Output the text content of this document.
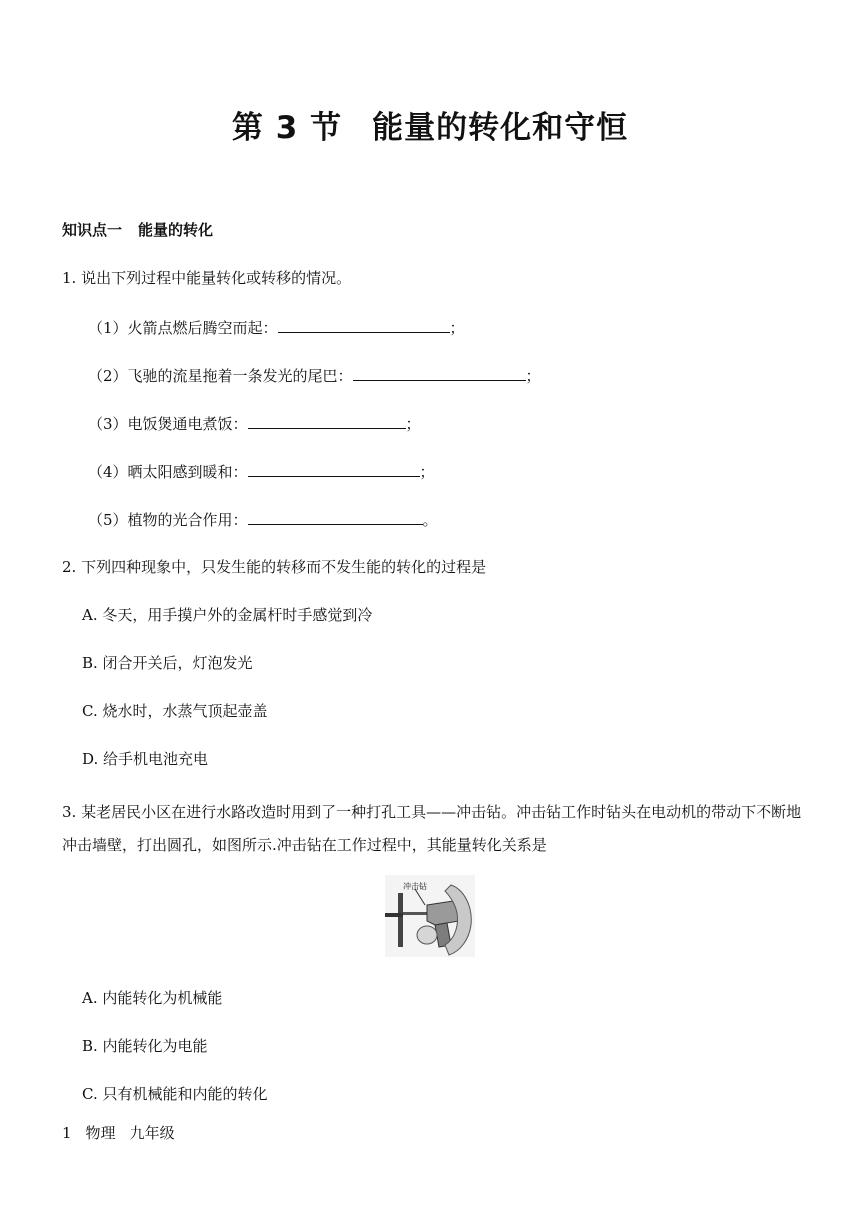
第 3 节 能量的转化和守恒
知识点一 能量的转化
1. 说出下列过程中能量转化或转移的情况。
（1）火箭点燃后腾空而起：	；
（2）飞驰的流星拖着一条发光的尾巴：	；
（3）电饭煲通电煮饭：	；
（4）晒太阳感到暖和：	；
（5）植物的光合作用：	。
2. 下列四种现象中，只发生能的转移而不发生能的转化的过程是
A. 冬天，用手摸户外的金属杆时手感觉到冷
B. 闭合开关后，灯泡发光
C. 烧水时，水蒸气顶起壶盖
D. 给手机电池充电
3. 某老居民小区在进行水路改造时用到了一种打孔工具——冲击钻。冲击钻工作时钻头在电动机的带动下不断地冲击墙壁，打出圆孔，如图所示.冲击钻在工作过程中，其能量转化关系是
冲击钻
A. 内能转化为机械能
B. 内能转化为电能
C. 只有机械能和内能的转化
1 物理 九年级
